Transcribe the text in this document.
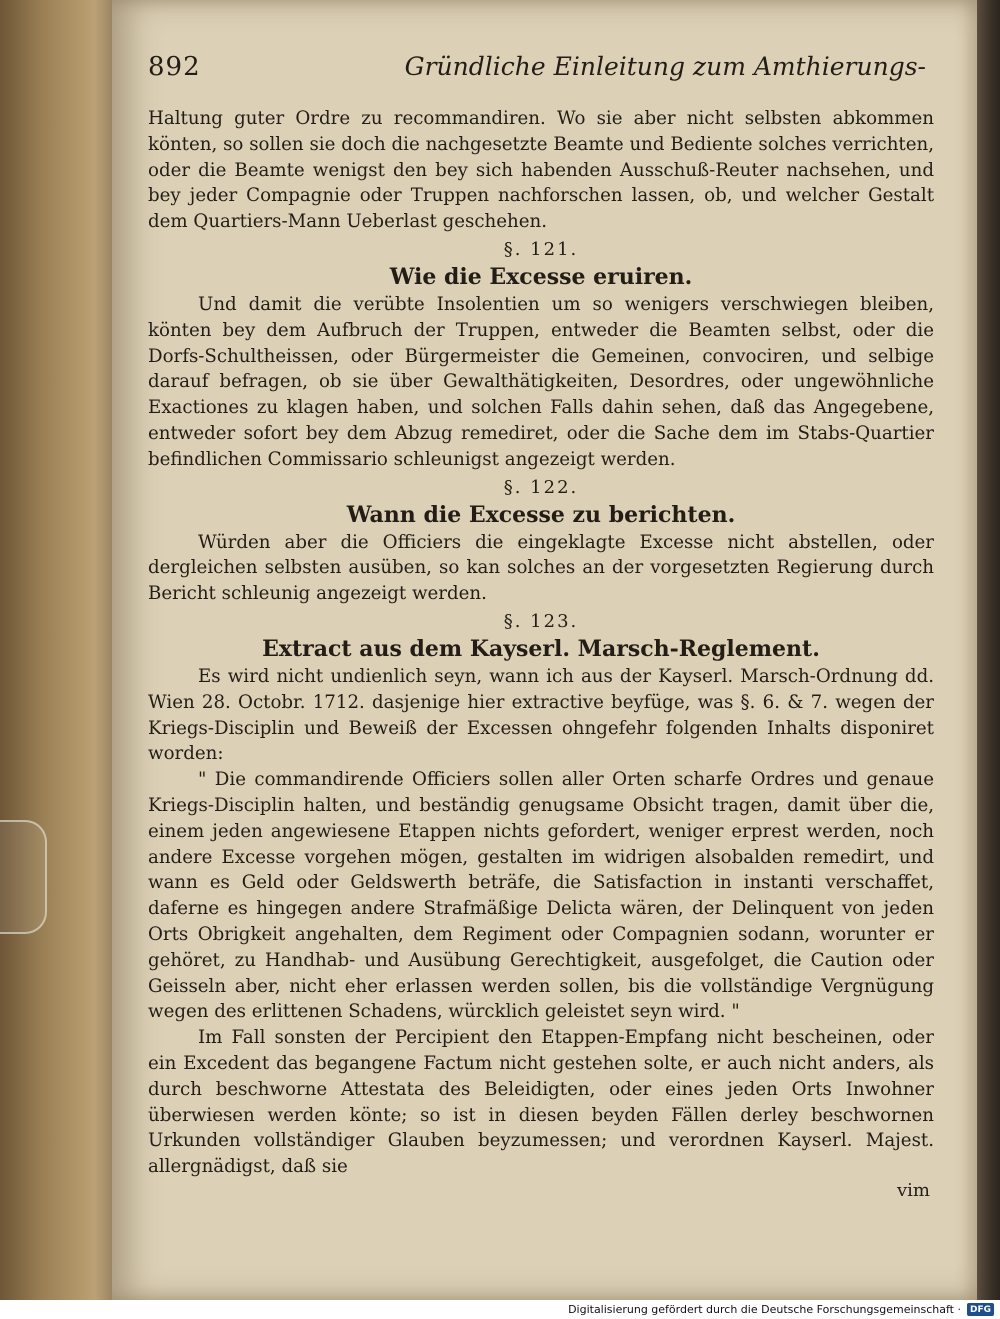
892	Gründliche Einleitung zum Amthierungs-

Haltung guter Ordre zu recommandiren. Wo sie aber nicht selbsten abkommen könten, so sollen sie doch die nachgesetzte Beamte und Bediente solches verrichten, oder die Beamte wenigst den bey sich habenden Ausschuß-Reuter nachsehen, und bey jeder Compagnie oder Truppen nachforschen lassen, ob, und welcher Gestalt dem Quartiers-Mann Ueberlast geschehen.

§. 121.

Wie die Excesse eruiren.

Und damit die verübte Insolentien um so wenigers verschwiegen bleiben, könten bey dem Aufbruch der Truppen, entweder die Beamten selbst, oder die Dorfs-Schultheissen, oder Bürgermeister die Gemeinen, convociren, und selbige darauf befragen, ob sie über Gewalthätigkeiten, Desordres, oder ungewöhnliche Exactiones zu klagen haben, und solchen Falls dahin sehen, daß das Angegebene, entweder sofort bey dem Abzug remediret, oder die Sache dem im Stabs-Quartier befindlichen Commissario schleunigst angezeigt werden.

§. 122.

Wann die Excesse zu berichten.

Würden aber die Officiers die eingeklagte Excesse nicht abstellen, oder dergleichen selbsten ausüben, so kan solches an der vorgesetzten Regierung durch Bericht schleunig angezeigt werden.

§. 123.

Extract aus dem Kayserl. Marsch-Reglement.

Es wird nicht undienlich seyn, wann ich aus der Kayserl. Marsch-Ordnung dd. Wien 28. Octobr. 1712. dasjenige hier extractive beyfüge, was §. 6. & 7. wegen der Kriegs-Disciplin und Beweiß der Excessen ohngefehr folgenden Inhalts disponiret worden:

" Die commandirende Officiers sollen aller Orten scharfe Ordres und genaue Kriegs-Disciplin halten, und beständig genugsame Obsicht tragen, damit über die, einem jeden angewiesene Etappen nichts gefordert, weniger erprest werden, noch andere Excesse vorgehen mögen, gestalten im widrigen alsobalden remedirt, und wann es Geld oder Geldswerth beträfe, die Satisfaction in instanti verschaffet, daferne es hingegen andere Strafmäßige Delicta wären, der Delinquent von jeden Orts Obrigkeit angehalten, dem Regiment oder Compagnien sodann, worunter er gehöret, zu Handhab- und Ausübung Gerechtigkeit, ausgefolget, die Caution oder Geisseln aber, nicht eher erlassen werden sollen, bis die vollständige Vergnügung wegen des erlittenen Schadens, würcklich geleistet seyn wird. "

Im Fall sonsten der Percipient den Etappen-Empfang nicht bescheinen, oder ein Excedent das begangene Factum nicht gestehen solte, er auch nicht anders, als durch beschworne Attestata des Beleidigten, oder eines jeden Orts Inwohner überwiesen werden könte; so ist in diesen beyden Fällen derley beschwornen Urkunden vollständiger Glauben beyzumessen; und verordnen Kayserl. Majest. allergnädigst, daß sie

vim

Digitalisierung gefördert durch die Deutsche Forschungsgemeinschaft ·	DFG
